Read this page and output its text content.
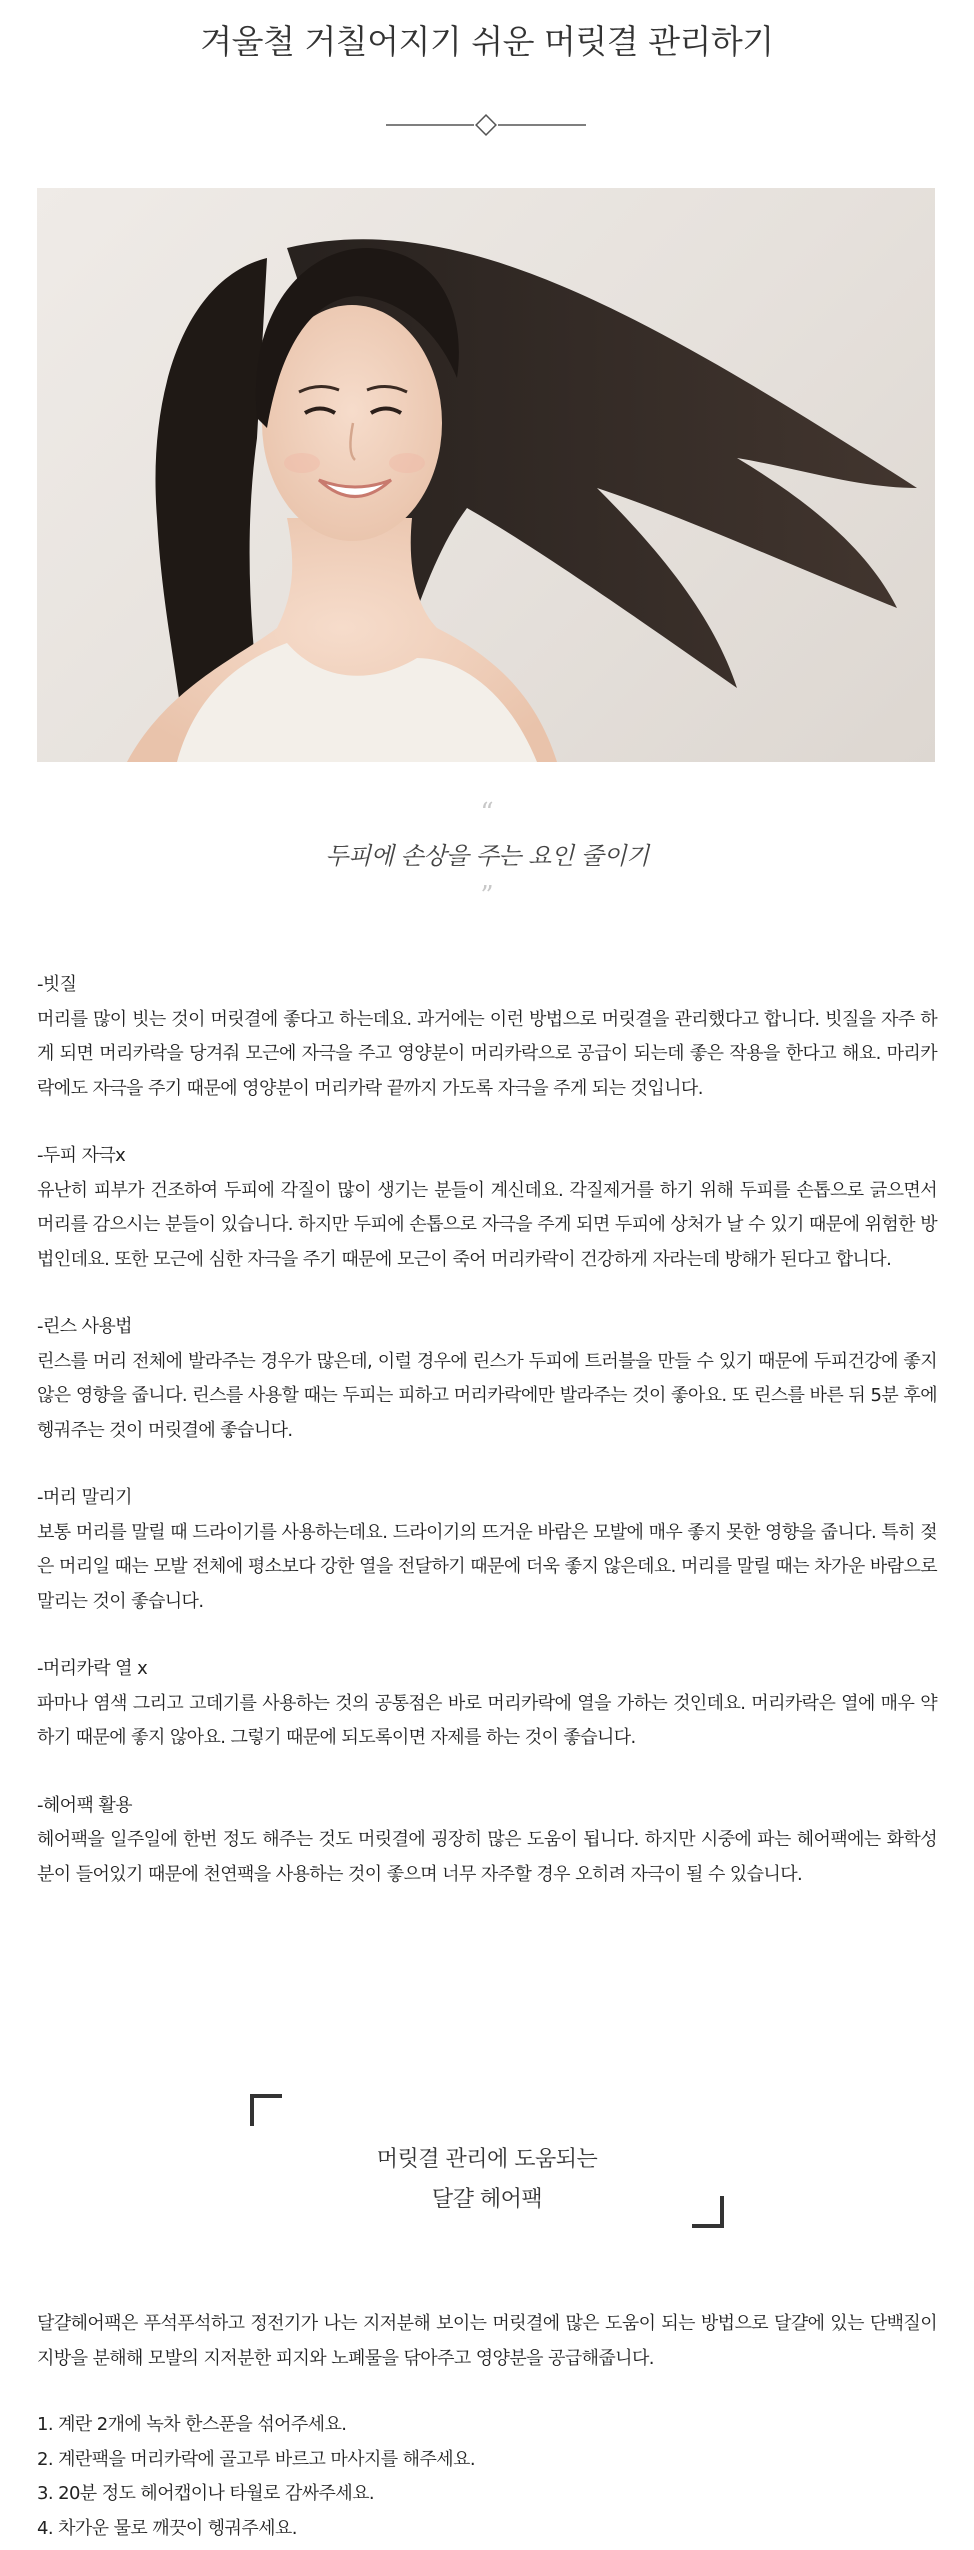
겨울철 거칠어지기 쉬운 머릿결 관리하기
“
두피에 손상을 주는 요인 줄이기
”

-빗질

머리를 많이 빗는 것이 머릿결에 좋다고 하는데요. 과거에는 이런 방법으로 머릿결을 관리했다고 합니다. 빗질을 자주 하게 되면 머리카락을 당겨줘 모근에 자극을 주고 영양분이 머리카락으로 공급이 되는데 좋은 작용을 한다고 해요. 마리카락에도 자극을 주기 때문에 영양분이 머리카락 끝까지 가도록 자극을 주게 되는 것입니다.

-두피 자극x

유난히 피부가 건조하여 두피에 각질이 많이 생기는 분들이 계신데요. 각질제거를 하기 위해 두피를 손톱으로 긁으면서 머리를 감으시는 분들이 있습니다. 하지만 두피에 손톱으로 자극을 주게 되면 두피에 상처가 날 수 있기 때문에 위험한 방법인데요. 또한 모근에 심한 자극을 주기 때문에 모근이 죽어 머리카락이 건강하게 자라는데 방해가 된다고 합니다.

-린스 사용법

린스를 머리 전체에 발라주는 경우가 많은데, 이럴 경우에 린스가 두피에 트러블을 만들 수 있기 때문에 두피건강에 좋지 않은 영향을 줍니다. 린스를 사용할 때는 두피는 피하고 머리카락에만 발라주는 것이 좋아요. 또 린스를 바른 뒤 5분 후에 헹궈주는 것이 머릿결에 좋습니다.

-머리 말리기

보통 머리를 말릴 때 드라이기를 사용하는데요. 드라이기의 뜨거운 바람은 모발에 매우 좋지 못한 영향을 줍니다. 특히 젖은 머리일 때는 모발 전체에 평소보다 강한 열을 전달하기 때문에 더욱 좋지 않은데요. 머리를 말릴 때는 차가운 바람으로 말리는 것이 좋습니다.

-머리카락 열 x

파마나 염색 그리고 고데기를 사용하는 것의 공통점은 바로 머리카락에 열을 가하는 것인데요. 머리카락은 열에 매우 약하기 때문에 좋지 않아요. 그렇기 때문에 되도록이면 자제를 하는 것이 좋습니다.

-헤어팩 활용

헤어팩을 일주일에 한번 정도 해주는 것도 머릿결에 굉장히 많은 도움이 됩니다. 하지만 시중에 파는 헤어팩에는 화학성분이 들어있기 때문에 천연팩을 사용하는 것이 좋으며 너무 자주할 경우 오히려 자극이 될 수 있습니다.

머릿결 관리에 도움되는
달걀 헤어팩

달걀헤어팩은 푸석푸석하고 정전기가 나는 지저분해 보이는 머릿결에 많은 도움이 되는 방법으로 달걀에 있는 단백질이 지방을 분해해 모발의 지저분한 피지와 노폐물을 닦아주고 영양분을 공급해줍니다.

1. 계란 2개에 녹차 한스푼을 섞어주세요.
2. 계란팩을 머리카락에 골고루 바르고 마사지를 해주세요.
3. 20분 정도 헤어캡이나 타월로 감싸주세요.
4. 차가운 물로 깨끗이 헹궈주세요.
